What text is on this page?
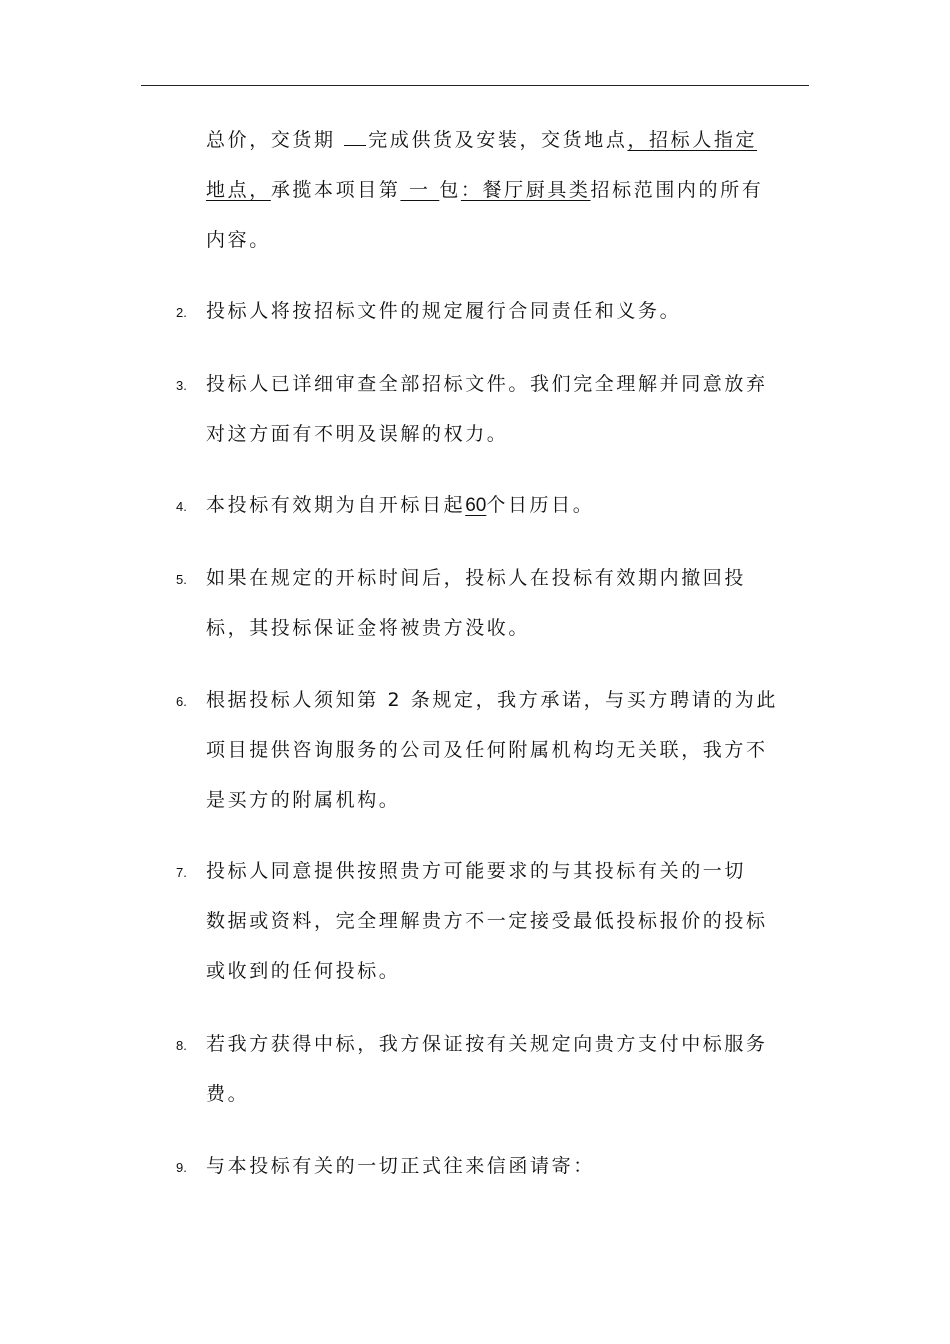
总价，交货期 完成供货及安装，交货地点，招标人指定
地点，承揽本项目第 一 包：餐厅厨具类招标范围内的所有
内容。
2. 投标人将按招标文件的规定履行合同责任和义务。
3. 投标人已详细审查全部招标文件。我们完全理解并同意放弃
对这方面有不明及误解的权力。
4. 本投标有效期为自开标日起60个日历日。
5. 如果在规定的开标时间后，投标人在投标有效期内撤回投
标，其投标保证金将被贵方没收。
6. 根据投标人须知第 2 条规定，我方承诺，与买方聘请的为此
项目提供咨询服务的公司及任何附属机构均无关联，我方不
是买方的附属机构。
7. 投标人同意提供按照贵方可能要求的与其投标有关的一切
数据或资料，完全理解贵方不一定接受最低投标报价的投标
或收到的任何投标。
8. 若我方获得中标，我方保证按有关规定向贵方支付中标服务
费。
9. 与本投标有关的一切正式往来信函请寄：
